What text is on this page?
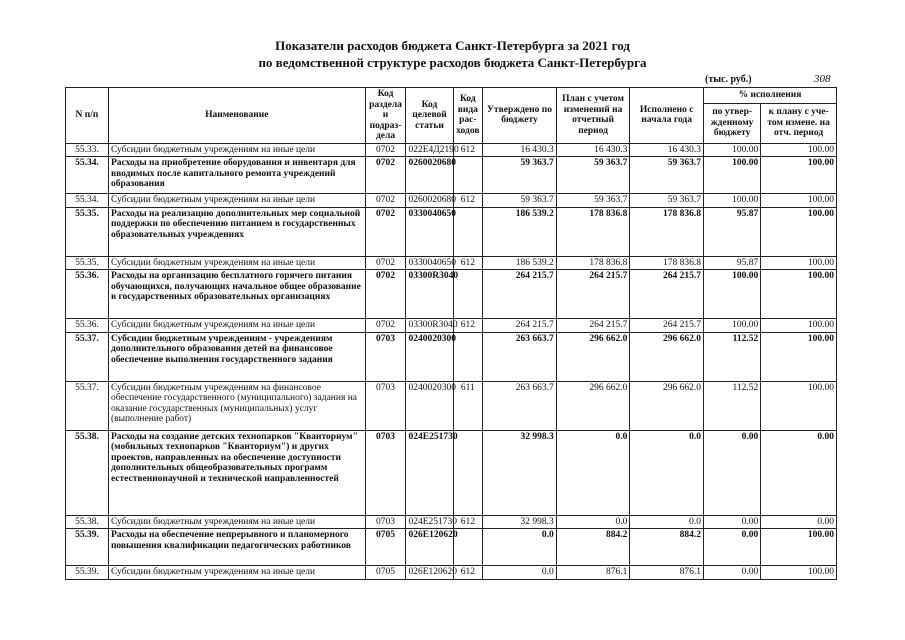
Показатели расходов бюджета Санкт-Петербурга за 2021 год
по ведомственной структуре расходов бюджета Санкт-Петербурга
(тыс. руб.)	308
N п/п	Наименование	Код раздела и подраз-дела	Код целевой статьи	Код вида рас-ходов	Утверждено по бюджету	План с учетом изменений на отчетный период	Исполнено с начала года	% исполнения	
								по утвер-жденному бюджету	к плану с уче-том измене. на отч. период
55.33.	Субсидии бюджетным учреждениям на иные цели	0702	022Е4Д2190	612	16 430.3	16 430.3	16 430.3	100.00	100.00
55.34.	Расходы на приобретение оборудования и инвентаря для вводимых после капитального ремонта учреждений образования	0702	0260020680		59 363.7	59 363.7	59 363.7	100.00	100.00
55.34.	Субсидии бюджетным учреждениям на иные цели	0702	0260020680	612	59 363.7	59 363.7	59 363.7	100.00	100.00
55.35.	Расходы на реализацию дополнительных мер социальной поддержки по обеспечению питанием в государственных образовательных учреждениях	0702	0330040650		186 539.2	178 836.8	178 836.8	95.87	100.00
55.35.	Субсидии бюджетным учреждениям на иные цели	0702	0330040650	612	186 539.2	178 836.8	178 836.8	95.87	100.00
55.36.	Расходы на организацию бесплатного горячего питания обучающихся, получающих начальное общее образование в государственных образовательных организациях	0702	03300R3040		264 215.7	264 215.7	264 215.7	100.00	100.00
55.36.	Субсидии бюджетным учреждениям на иные цели	0702	03300R3040	612	264 215.7	264 215.7	264 215.7	100.00	100.00
55.37.	Субсидии бюджетным учреждениям - учреждениям дополнительного образования детей на финансовое обеспечение выполнения государственного задания	0703	0240020300		263 663.7	296 662.0	296 662.0	112.52	100.00
55.37.	Субсидии бюджетным учреждениям на финансовое обеспечение государственного (муниципального) задания на оказание государственных (муниципальных) услуг (выполнение работ)	0703	0240020300	611	263 663.7	296 662.0	296 662.0	112.52	100.00
55.38.	Расходы на создание детских технопарков "Кванториум" (мобильных технопарков "Кванториум") и других проектов, направленных на обеспечение доступности дополнительных общеобразовательных программ естественнонаучной и технической направленностей	0703	024Е251730		32 998.3	0.0	0.0	0.00	0.00
55.38.	Субсидии бюджетным учреждениям на иные цели	0703	024Е251730	612	32 998.3	0.0	0.0	0.00	0.00
55.39.	Расходы на обеспечение непрерывного и планомерного повышения квалификации педагогических работников	0705	026Е120620		0.0	884.2	884.2	0.00	100.00
55.39.	Субсидии бюджетным учреждениям на иные цели	0705	026Е120620	612	0.0	876.1	876.1	0.00	100.00
